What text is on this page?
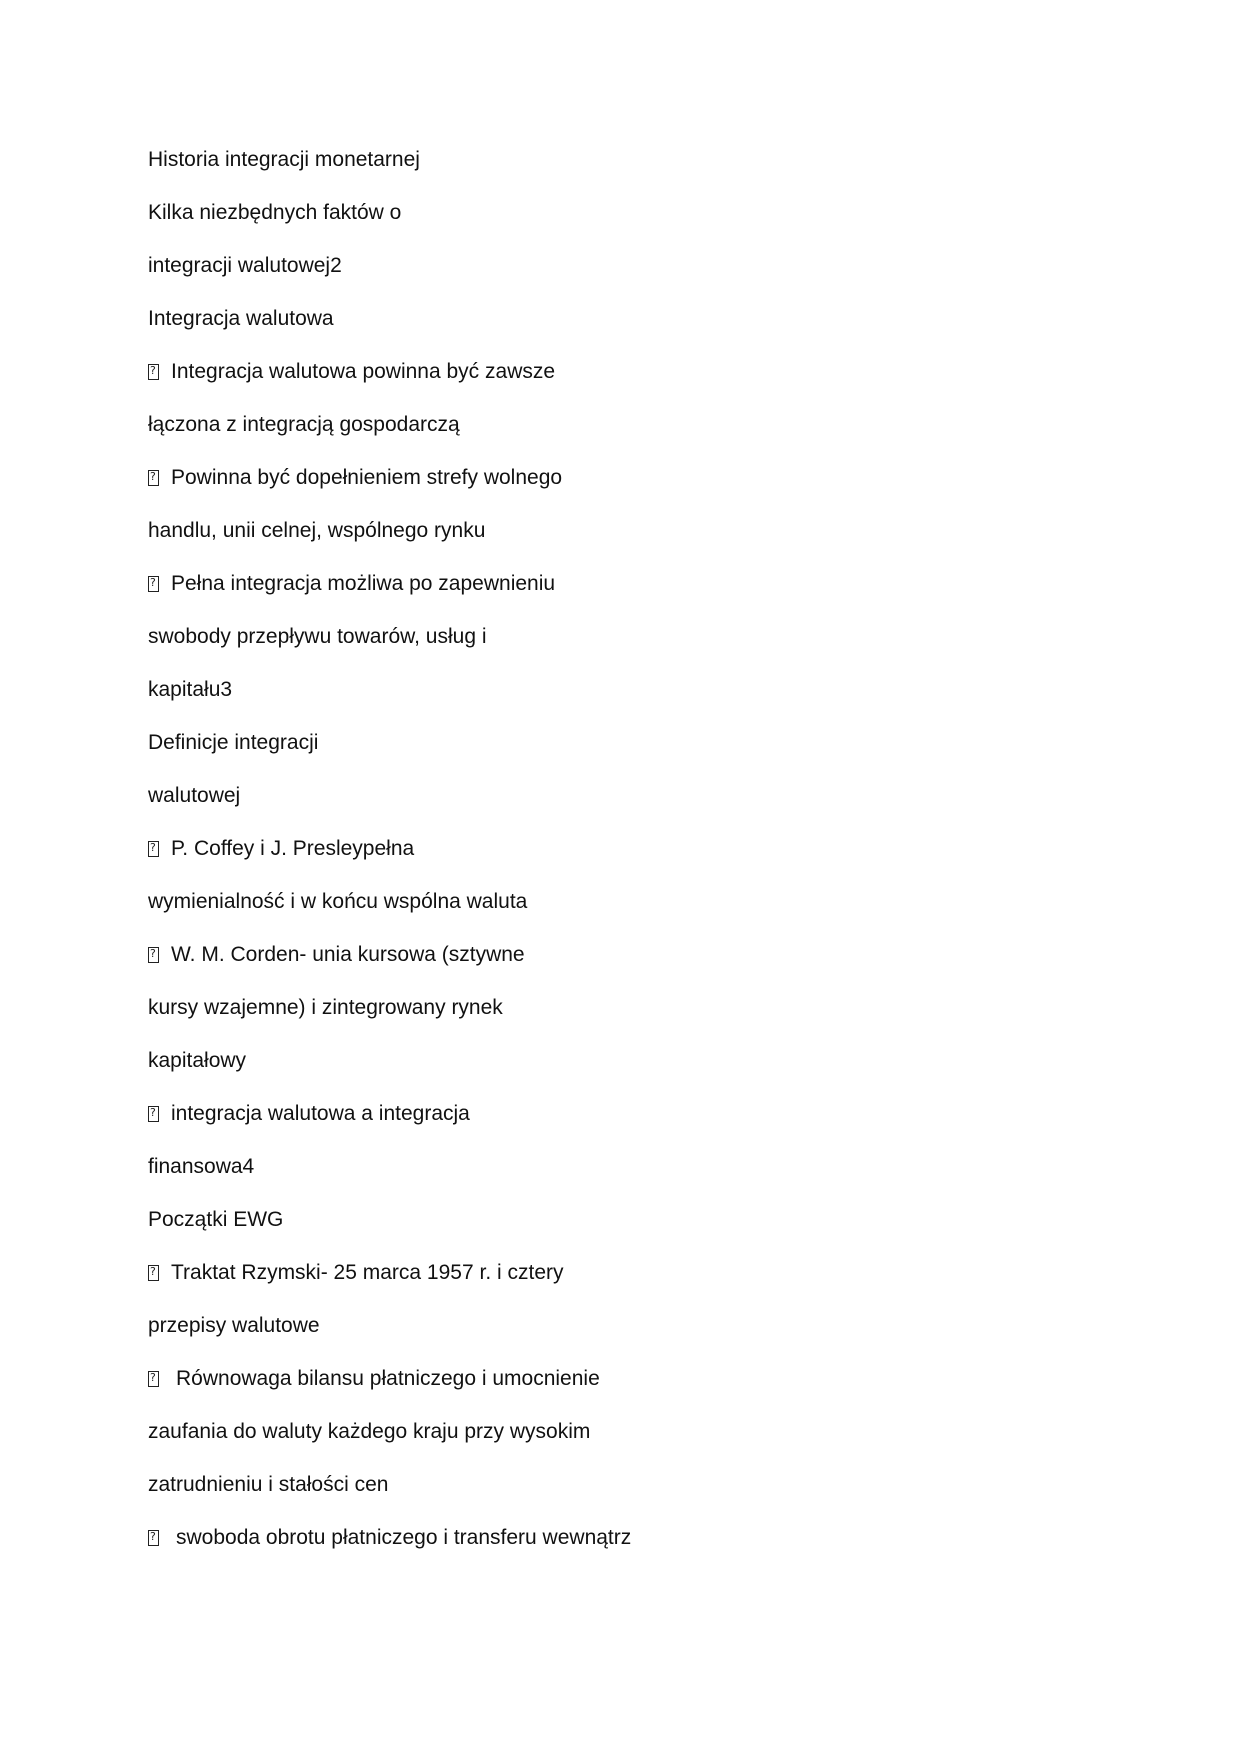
Historia integracji monetarnej
Kilka niezbędnych faktów o
integracji walutowej2
Integracja walutowa
?
Integracja walutowa powinna być zawsze
łączona z integracją gospodarczą
?
Powinna być dopełnieniem strefy wolnego
handlu, unii celnej, wspólnego rynku
?
Pełna integracja możliwa po zapewnieniu
swobody przepływu towarów, usług i
kapitału3
Definicje integracji
walutowej
?
P. Coffey i J. Presleypełna
wymienialność i w końcu wspólna waluta
?
W. M. Corden- unia kursowa (sztywne
kursy wzajemne) i zintegrowany rynek
kapitałowy
?
integracja walutowa a integracja
finansowa4
Początki EWG
?
Traktat Rzymski- 25 marca 1957 r. i cztery
przepisy walutowe
?
Równowaga bilansu płatniczego i umocnienie
zaufania do waluty każdego kraju przy wysokim
zatrudnieniu i stałości cen
?
swoboda obrotu płatniczego i transferu wewnątrz
